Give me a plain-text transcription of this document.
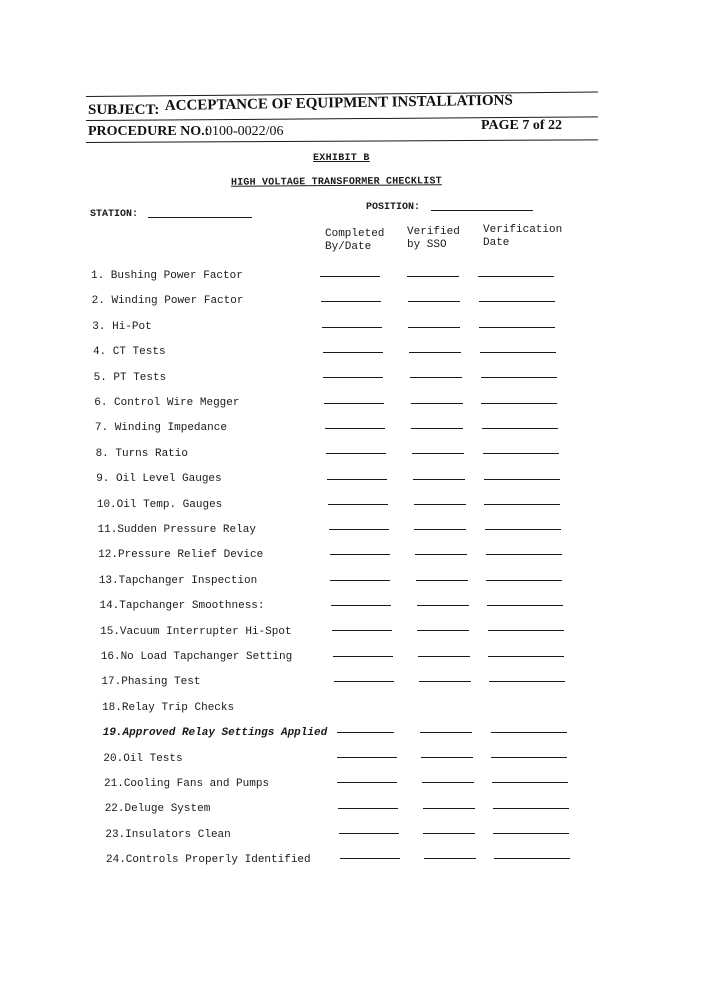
SUBJECT: ACCEPTANCE OF EQUIPMENT INSTALLATIONS
PROCEDURE NO.:
0100-0022/06	PAGE 7 of 22
EXHIBIT B
HIGH VOLTAGE TRANSFORMER CHECKLIST
STATION:
POSITION:
Completed
By/Date
Verified
by SSO
Verification
Date
1. Bushing Power Factor
2. Winding Power Factor
3. Hi-Pot
4. CT Tests
5. PT Tests
6. Control Wire Megger
7. Winding Impedance
8. Turns Ratio
9. Oil Level Gauges
10.Oil Temp. Gauges
11.Sudden Pressure Relay
12.Pressure Relief Device
13.Tapchanger Inspection
14.Tapchanger Smoothness:
15.Vacuum Interrupter Hi-Spot
16.No Load Tapchanger Setting
17.Phasing Test
18.Relay Trip Checks
19.Approved Relay Settings Applied
20.Oil Tests
21.Cooling Fans and Pumps
22.Deluge System
23.Insulators Clean
24.Controls Properly Identified
